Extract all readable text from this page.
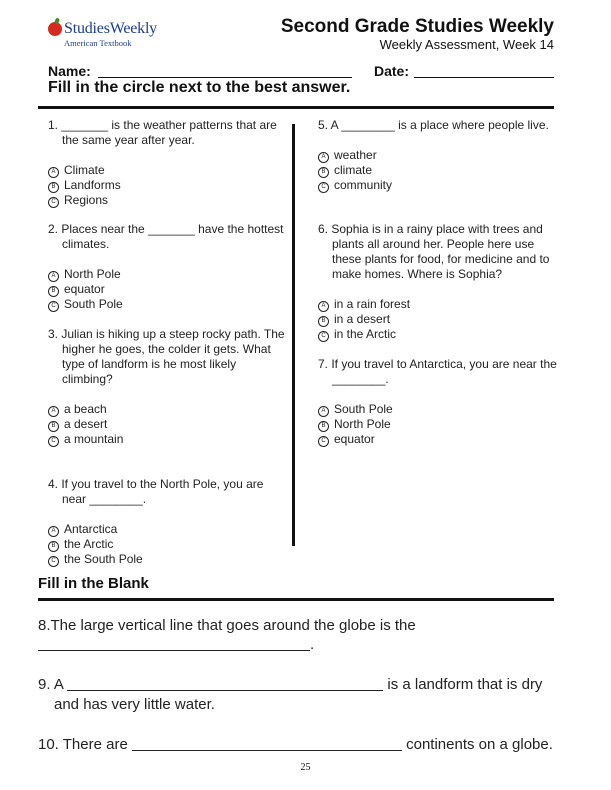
StudiesWeekly
American Textbook
Second Grade Studies Weekly
Weekly Assessment, Week 14
Name:	Date:
Fill in the circle next to the best answer.
1. _______ is the weather patterns that are the same year after year.
A Climate
B Landforms
C Regions
2. Places near the _______ have the hottest climates.
A North Pole
B equator
C South Pole
3. Julian is hiking up a steep rocky path. The higher he goes, the colder it gets. What type of landform is he most likely climbing?
A a beach
B a desert
C a mountain
4. If you travel to the North Pole, you are near ________.
A Antarctica
B the Arctic
C the South Pole
5. A ________ is a place where people live.
A weather
B climate
C community
6. Sophia is in a rainy place with trees and plants all around her. People here use these plants for food, for medicine and to make homes. Where is Sophia?
A in a rain forest
B in a desert
C in the Arctic
7. If you travel to Antarctica, you are near the ________.
A South Pole
B North Pole
C equator
Fill in the Blank
8.The large vertical line that goes around the globe is the
.
9. A	is a landform that is dry
and has very little water.
10. There are	continents on a globe.
25
